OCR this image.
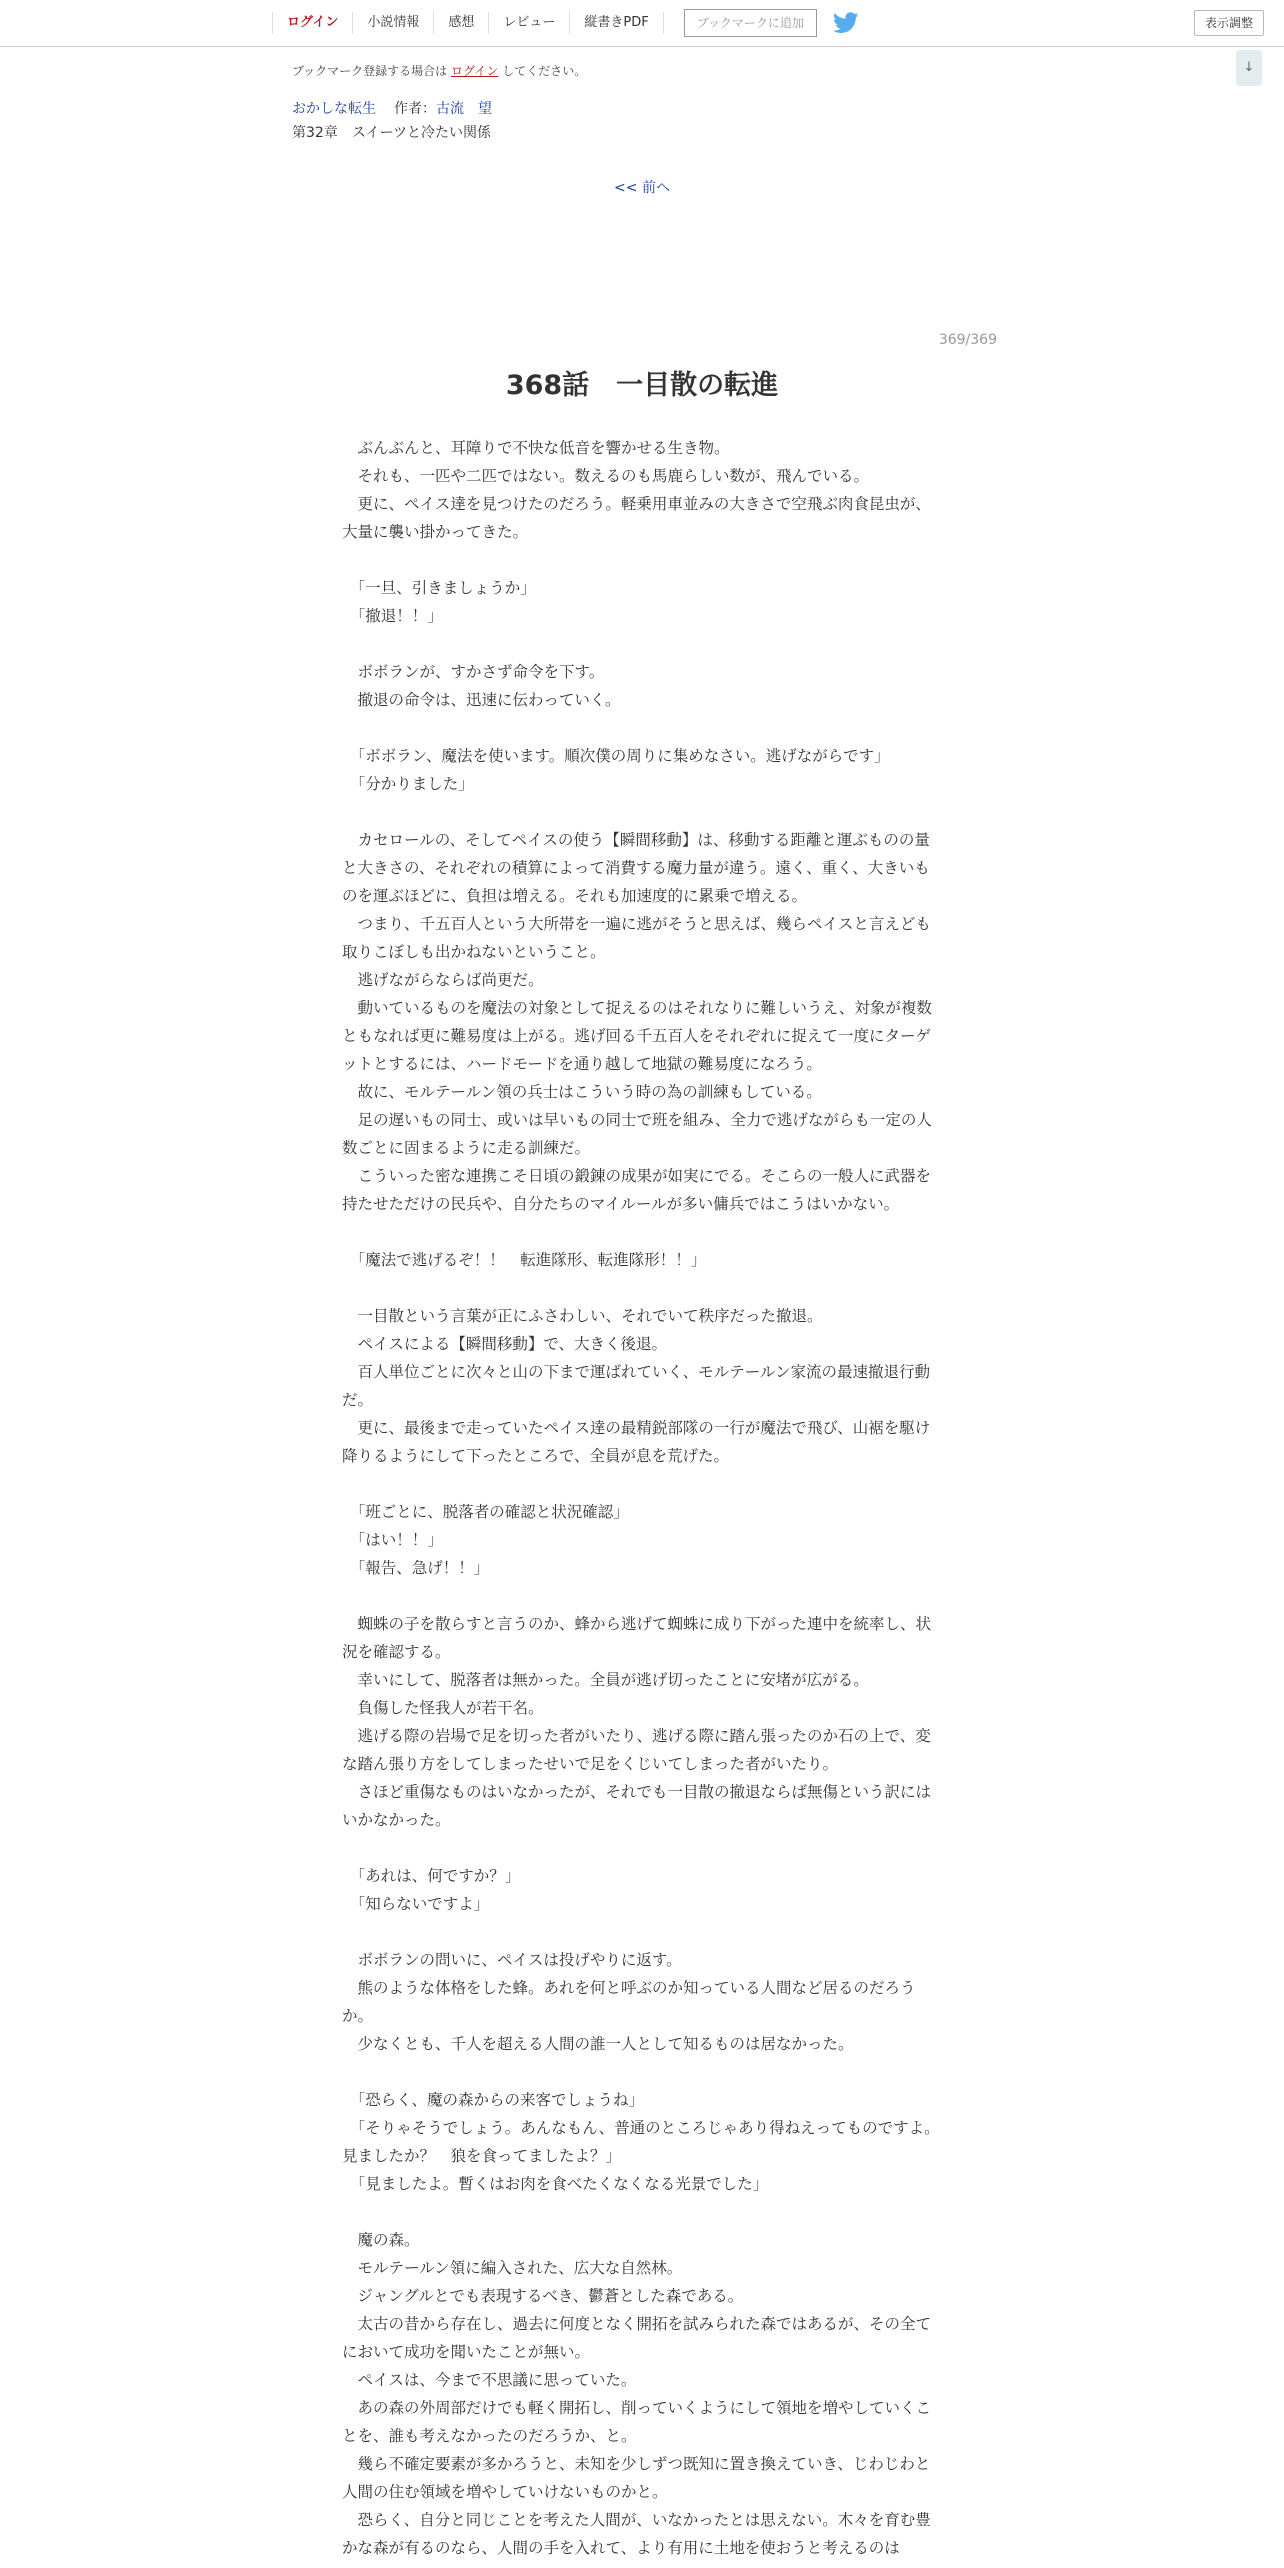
ログイン	小説情報	感想	レビュー	縦書きPDF	ブックマークに追加	表示調整
↓
ブックマーク登録する場合は ログイン してください。
おかしな転生 作者：古流　望
第32章　スイーツと冷たい関係
<< 前へ
369/369
368話　一目散の転進

　ぶんぶんと、耳障りで不快な低音を響かせる生き物。

　それも、一匹や二匹ではない。数えるのも馬鹿らしい数が、飛んでいる。

　更に、ペイス達を見つけたのだろう。軽乗用車並みの大きさで空飛ぶ肉食昆虫が、大量に襲い掛かってきた。

　「一旦、引きましょうか」

　「撤退！！」

　ボボランが、すかさず命令を下す。

　撤退の命令は、迅速に伝わっていく。

　「ボボラン、魔法を使います。順次僕の周りに集めなさい。逃げながらです」

　「分かりました」

　カセロールの、そしてペイスの使う【瞬間移動】は、移動する距離と運ぶものの量と大きさの、それぞれの積算によって消費する魔力量が違う。遠く、重く、大きいものを運ぶほどに、負担は増える。それも加速度的に累乗で増える。

　つまり、千五百人という大所帯を一遍に逃がそうと思えば、幾らペイスと言えども取りこぼしも出かねないということ。

　逃げながらならば尚更だ。

　動いているものを魔法の対象として捉えるのはそれなりに難しいうえ、対象が複数ともなれば更に難易度は上がる。逃げ回る千五百人をそれぞれに捉えて一度にターゲットとするには、ハードモードを通り越して地獄の難易度になろう。

　故に、モルテールン領の兵士はこういう時の為の訓練もしている。

　足の遅いもの同士、或いは早いもの同士で班を組み、全力で逃げながらも一定の人数ごとに固まるように走る訓練だ。

　こういった密な連携こそ日頃の鍛錬の成果が如実にでる。そこらの一般人に武器を持たせただけの民兵や、自分たちのマイルールが多い傭兵ではこうはいかない。

　「魔法で逃げるぞ！！　転進隊形、転進隊形！！」

　一目散という言葉が正にふさわしい、それでいて秩序だった撤退。

　ペイスによる【瞬間移動】で、大きく後退。

　百人単位ごとに次々と山の下まで運ばれていく、モルテールン家流の最速撤退行動だ。

　更に、最後まで走っていたペイス達の最精鋭部隊の一行が魔法で飛び、山裾を駆け降りるようにして下ったところで、全員が息を荒げた。

　「班ごとに、脱落者の確認と状況確認」

　「はい！！」

　「報告、急げ！！」

　蜘蛛の子を散らすと言うのか、蜂から逃げて蜘蛛に成り下がった連中を統率し、状況を確認する。

　幸いにして、脱落者は無かった。全員が逃げ切ったことに安堵が広がる。

　負傷した怪我人が若干名。

　逃げる際の岩場で足を切った者がいたり、逃げる際に踏ん張ったのか石の上で、変な踏ん張り方をしてしまったせいで足をくじいてしまった者がいたり。

　さほど重傷なものはいなかったが、それでも一目散の撤退ならば無傷という訳にはいかなかった。

　「あれは、何ですか？」

　「知らないですよ」

　ボボランの問いに、ペイスは投げやりに返す。

　熊のような体格をした蜂。あれを何と呼ぶのか知っている人間など居るのだろうか。

　少なくとも、千人を超える人間の誰一人として知るものは居なかった。

　「恐らく、魔の森からの来客でしょうね」

　「そりゃそうでしょう。あんなもん、普通のところじゃあり得ねえってものですよ。見ましたか？　狼を食ってましたよ？」

　「見ましたよ。暫くはお肉を食べたくなくなる光景でした」

　魔の森。

　モルテールン領に編入された、広大な自然林。

　ジャングルとでも表現するべき、鬱蒼とした森である。

　太古の昔から存在し、過去に何度となく開拓を試みられた森ではあるが、その全てにおいて成功を聞いたことが無い。

　ペイスは、今まで不思議に思っていた。

　あの森の外周部だけでも軽く開拓し、削っていくようにして領地を増やしていくことを、誰も考えなかったのだろうか、と。

　幾ら不確定要素が多かろうと、未知を少しずつ既知に置き換えていき、じわじわと人間の住む領域を増やしていけないものかと。

　恐らく、自分と同じことを考えた人間が、いなかったとは思えない。木々を育む豊かな森が有るのなら、人間の手を入れて、より有用に土地を使おうと考えるのは
